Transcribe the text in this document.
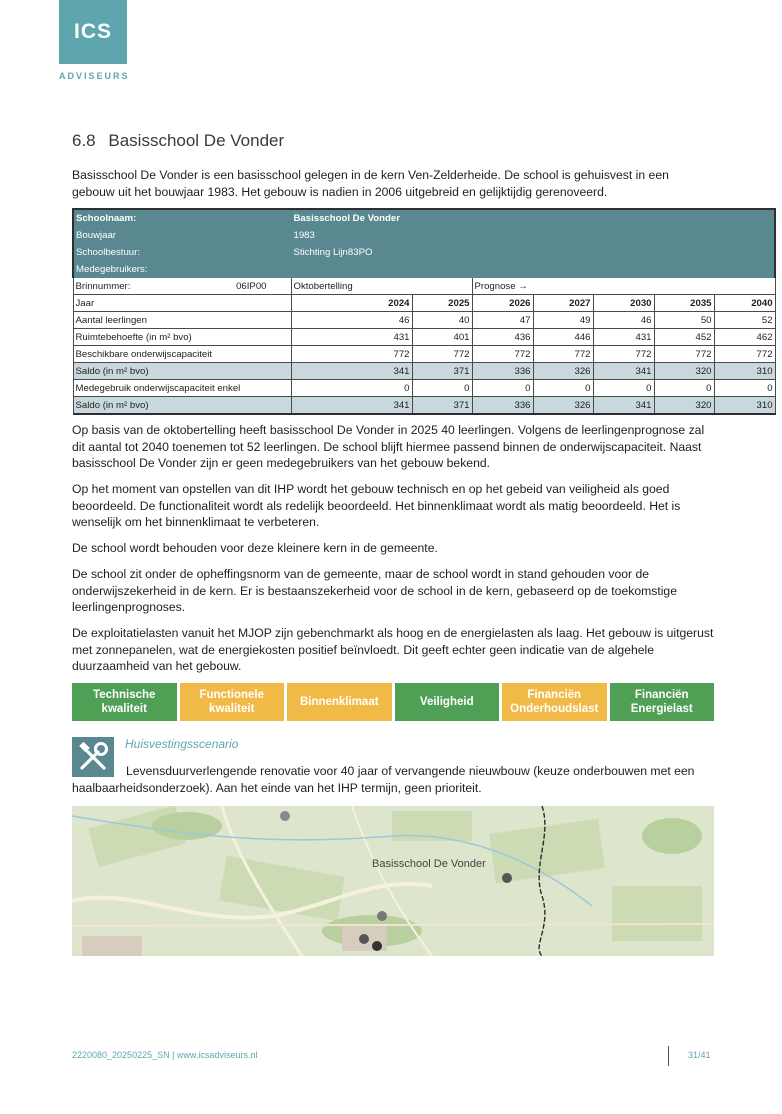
ICS
ADVISEURS
6.8 Basisschool De Vonder

Basisschool De Vonder is een basisschool gelegen in de kern Ven-Zelderheide. De school is gehuisvest in een gebouw uit het bouwjaar 1983. Het gebouw is nadien in 2006 uitgebreid en gelijktijdig gerenoveerd.

Schoolnaam:	Basisschool De Vonder						
Bouwjaar	1983						
Schoolbestuur:	Stichting Lijn83PO						
Medegebruikers:							
Brinnummer: 06IP00	Oktobertelling		Prognose →				
Jaar	2024	2025	2026	2027	2030	2035	2040
Aantal leerlingen	46	40	47	49	46	50	52
Ruimtebehoefte (in m² bvo)	431	401	436	446	431	452	462
Beschikbare onderwijscapaciteit	772	772	772	772	772	772	772
Saldo (in m² bvo)	341	371	336	326	341	320	310
Medegebruik onderwijscapaciteit enkel	0	0	0	0	0	0	0
Saldo (in m² bvo)	341	371	336	326	341	320	310

Op basis van de oktobertelling heeft basisschool De Vonder in 2025 40 leerlingen. Volgens de leerlingenprognose zal dit aantal tot 2040 toenemen tot 52 leerlingen. De school blijft hiermee passend binnen de onderwijscapaciteit. Naast basisschool De Vonder zijn er geen medegebruikers van het gebouw bekend.

Op het moment van opstellen van dit IHP wordt het gebouw technisch en op het gebeid van veiligheid als goed beoordeeld. De functionaliteit wordt als redelijk beoordeeld. Het binnenklimaat wordt als matig beoordeeld. Het is wenselijk om het binnenklimaat te verbeteren.

De school wordt behouden voor deze kleinere kern in de gemeente.

De school zit onder de opheffingsnorm van de gemeente, maar de school wordt in stand gehouden voor de onderwijszekerheid in de kern. Er is bestaanszekerheid voor de school in de kern, gebaseerd op de toekomstige leerlingenprognoses.

De exploitatielasten vanuit het MJOP zijn gebenchmarkt als hoog en de energielasten als laag. Het gebouw is uitgerust met zonnepanelen, wat de energiekosten positief beïnvloedt. Dit geeft echter geen indicatie van de algehele duurzaamheid van het gebouw.

Technische
kwaliteit
Functionele
kwaliteit
Binnenklimaat	Veiligheid
Financiën
Onderhoudslast
Financiën
Energielast
Huisvestingsscenario

Levensduurverlengende renovatie voor 40 jaar of vervangende nieuwbouw (keuze onderbouwen met een haalbaarheidsonderzoek). Aan het einde van het IHP termijn, geen prioriteit.

Basisschool De Vonder
2220080_20250225_SN | www.icsadviseurs.nl	31/41
